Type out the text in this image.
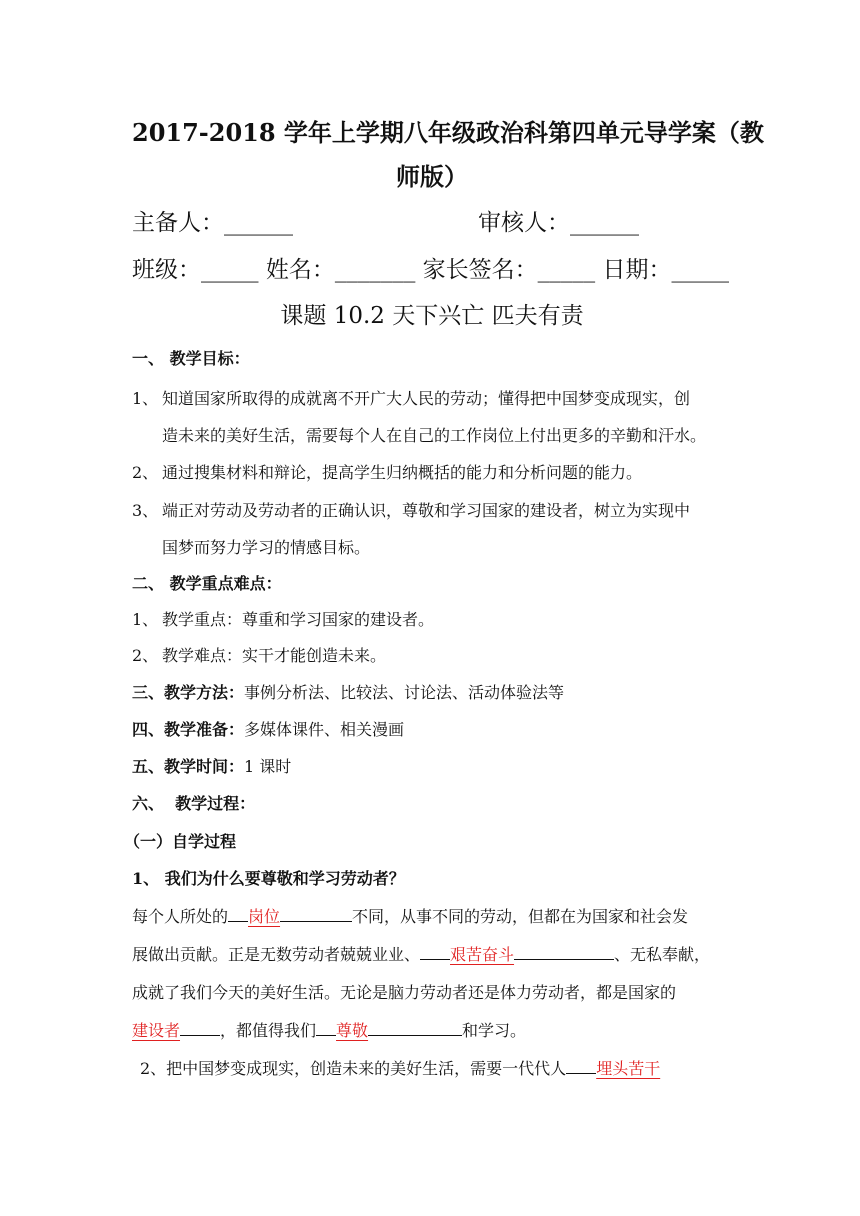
2017-2018 学年上学期八年级政治科第四单元导学案（教
师版）
主备人：______	审核人：______
班级：_____ 姓名：_______ 家长签名：_____ 日期：_____
课题 10.2 天下兴亡 匹夫有责
一、 教学目标：
1、 知道国家所取得的成就离不开广大人民的劳动；懂得把中国梦变成现实，创
造未来的美好生活，需要每个人在自己的工作岗位上付出更多的辛勤和汗水。
2、 通过搜集材料和辩论，提高学生归纳概括的能力和分析问题的能力。
3、 端正对劳动及劳动者的正确认识，尊敬和学习国家的建设者，树立为实现中
国梦而努力学习的情感目标。
二、 教学重点难点：
1、 教学重点：尊重和学习国家的建设者。
2、 教学难点：实干才能创造未来。
三、教学方法：事例分析法、比较法、讨论法、活动体验法等
四、教学准备：多媒体课件、相关漫画
五、教学时间：1 课时
六、  教学过程：
（一）自学过程
1、 我们为什么要尊敬和学习劳动者？
每个人所处的 岗位	不同，从事不同的劳动，但都在为国家和社会发
展做出贡献。正是无数劳动者兢兢业业、 艰苦奋斗	、无私奉献，
成就了我们今天的美好生活。无论是脑力劳动者还是体力劳动者，都是国家的
建设者	，都值得我们 尊敬	和学习。
2、把中国梦变成现实，创造未来的美好生活，需要一代代人 埋头苦干
